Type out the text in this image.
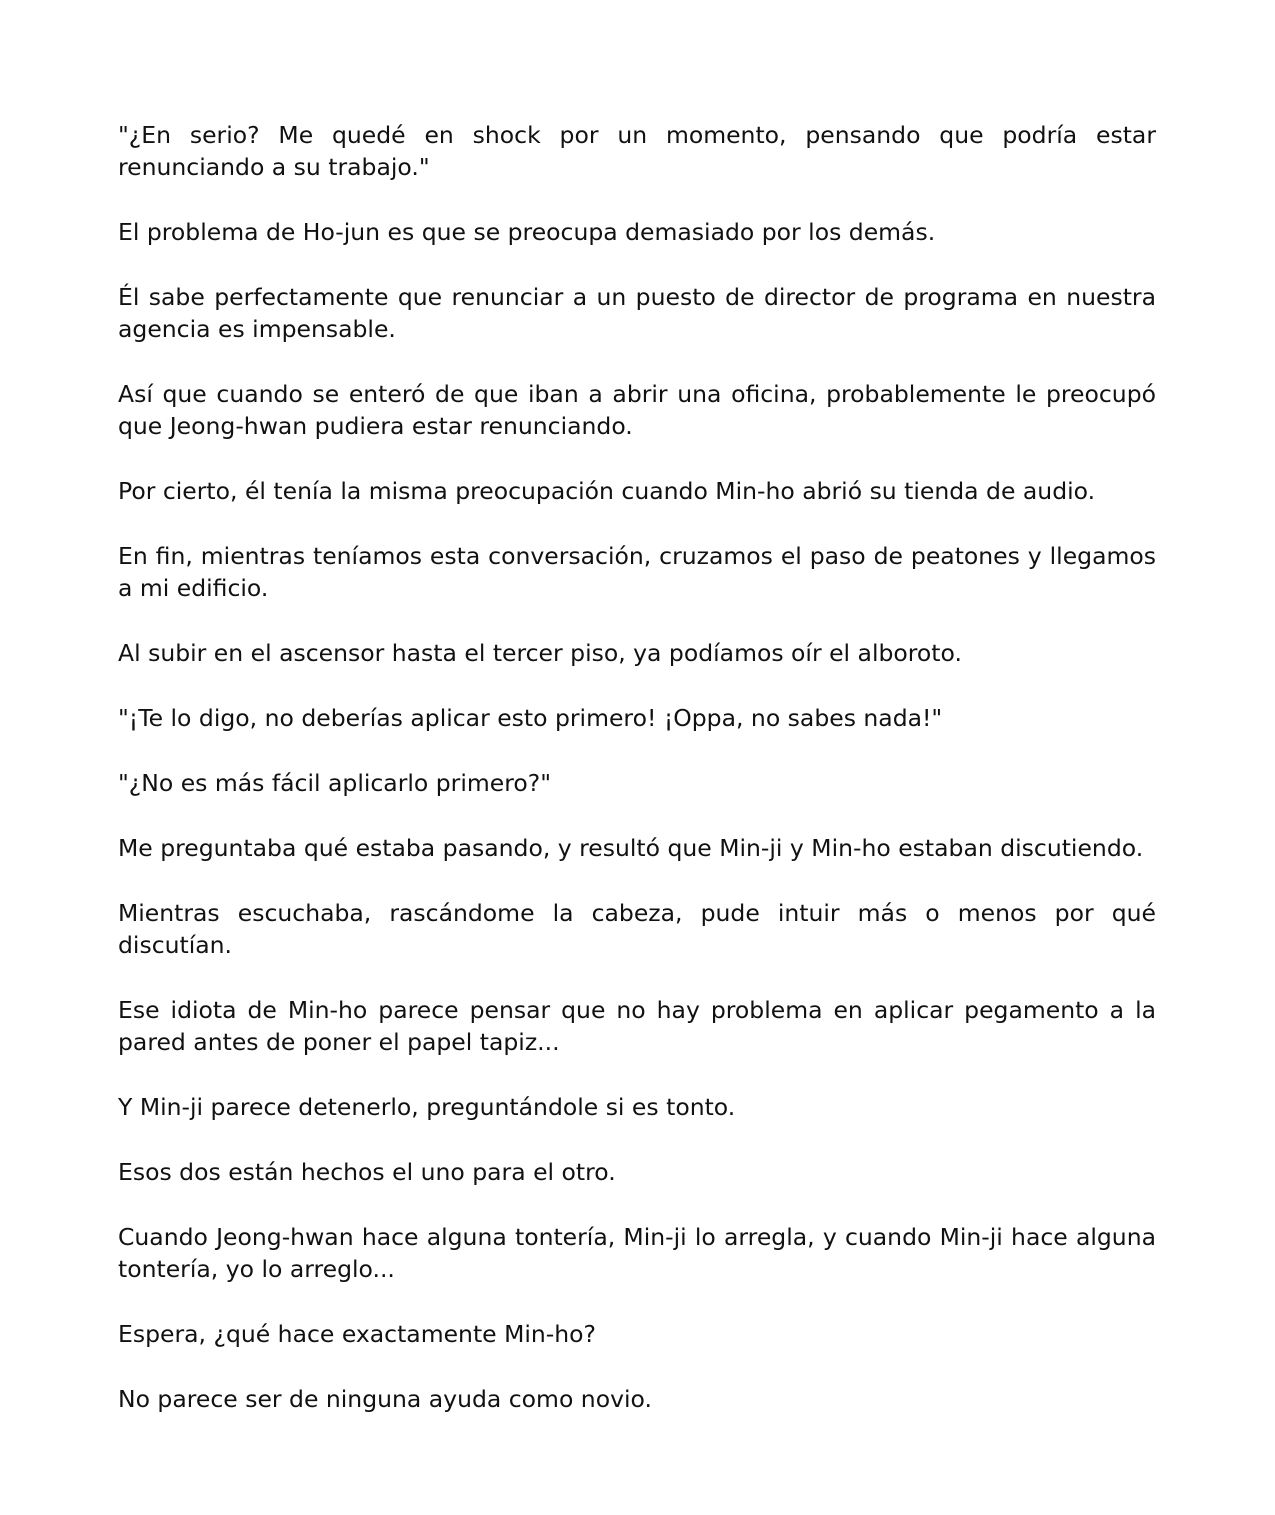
"¿En serio? Me quedé en shock por un momento, pensando que podría estar renunciando a su trabajo."

El problema de Ho-jun es que se preocupa demasiado por los demás.

Él sabe perfectamente que renunciar a un puesto de director de programa en nuestra agencia es impensable.

Así que cuando se enteró de que iban a abrir una oficina, probablemente le preocupó que Jeong-hwan pudiera estar renunciando.

Por cierto, él tenía la misma preocupación cuando Min-ho abrió su tienda de audio.

En fin, mientras teníamos esta conversación, cruzamos el paso de peatones y llegamos a mi edificio.

Al subir en el ascensor hasta el tercer piso, ya podíamos oír el alboroto.

"¡Te lo digo, no deberías aplicar esto primero! ¡Oppa, no sabes nada!"

"¿No es más fácil aplicarlo primero?"

Me preguntaba qué estaba pasando, y resultó que Min-ji y Min-ho estaban discutiendo.

Mientras escuchaba, rascándome la cabeza, pude intuir más o menos por qué discutían.

Ese idiota de Min-ho parece pensar que no hay problema en aplicar pegamento a la pared antes de poner el papel tapiz...

Y Min-ji parece detenerlo, preguntándole si es tonto.

Esos dos están hechos el uno para el otro.

Cuando Jeong-hwan hace alguna tontería, Min-ji lo arregla, y cuando Min-ji hace alguna tontería, yo lo arreglo...

Espera, ¿qué hace exactamente Min-ho?

No parece ser de ninguna ayuda como novio.
